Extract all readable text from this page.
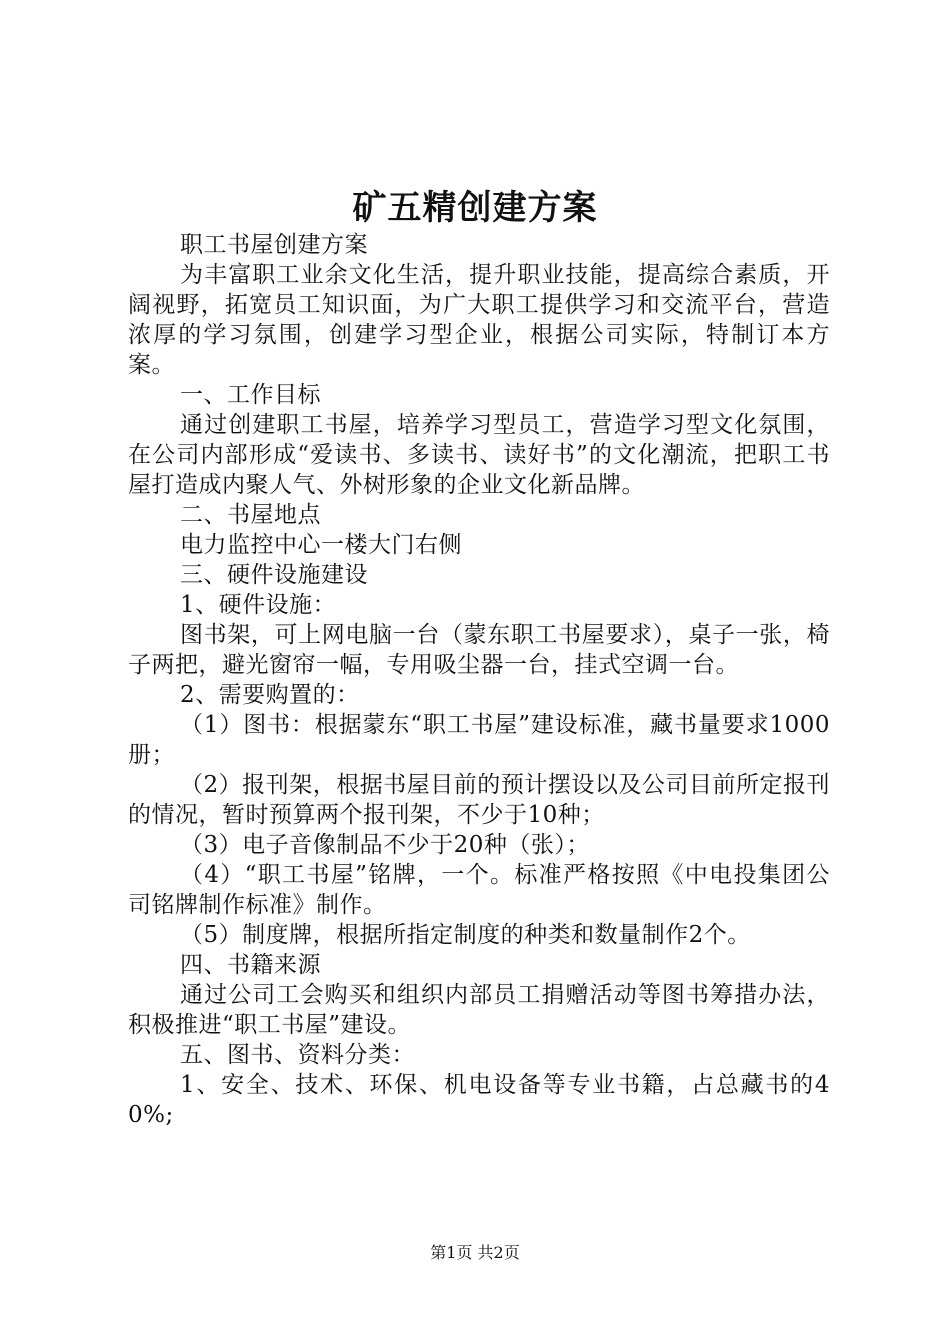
矿五精创建方案

职工书屋创建方案

为丰富职工业余文化生活，提升职业技能，提高综合素质，开阔视野，拓宽员工知识面，为广大职工提供学习和交流平台，营造浓厚的学习氛围，创建学习型企业，根据公司实际，特制订本方案。

一、工作目标

通过创建职工书屋，培养学习型员工，营造学习型文化氛围，在公司内部形成“爱读书、多读书、读好书”的文化潮流，把职工书屋打造成内聚人气、外树形象的企业文化新品牌。

二、书屋地点

电力监控中心一楼大门右侧

三、硬件设施建设

1、硬件设施：

图书架，可上网电脑一台（蒙东职工书屋要求），桌子一张，椅子两把，避光窗帘一幅，专用吸尘器一台，挂式空调一台。

2、需要购置的：

（1）图书：根据蒙东“职工书屋”建设标准，藏书量要求1000册；

（2）报刊架，根据书屋目前的预计摆设以及公司目前所定报刊的情况，暂时预算两个报刊架，不少于10种；

（3）电子音像制品不少于20种（张）；

（4）“职工书屋”铭牌，一个。标准严格按照《中电投集团公司铭牌制作标准》制作。

（5）制度牌，根据所指定制度的种类和数量制作2个。

四、书籍来源

通过公司工会购买和组织内部员工捐赠活动等图书筹措办法，积极推进“职工书屋”建设。

五、图书、资料分类：

1、安全、技术、环保、机电设备等专业书籍，占总藏书的40%;

第1页 共2页
